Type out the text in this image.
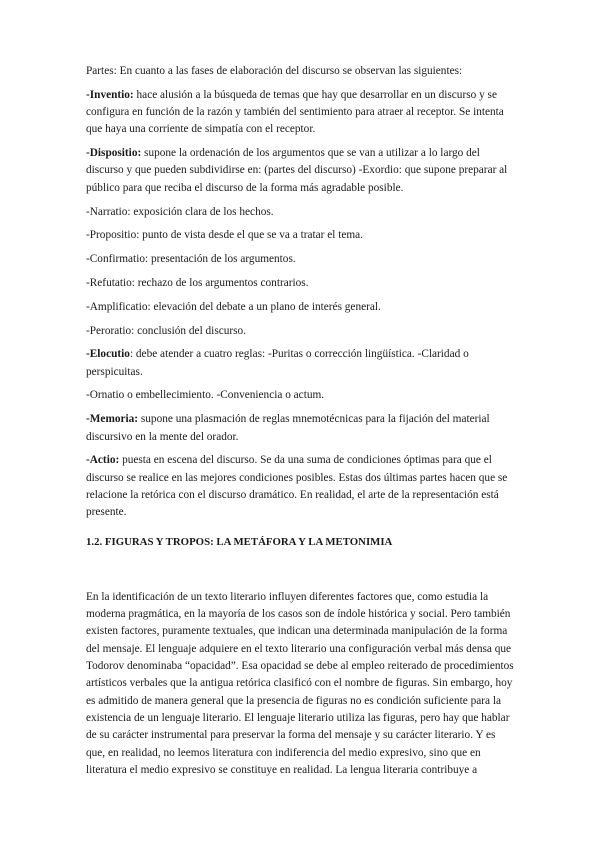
Partes: En cuanto a las fases de elaboración del discurso se observan las siguientes:

-Inventio: hace alusión a la búsqueda de temas que hay que desarrollar en un discurso y se configura en función de la razón y también del sentimiento para atraer al receptor. Se intenta que haya una corriente de simpatía con el receptor.

-Dispositio: supone la ordenación de los argumentos que se van a utilizar a lo largo del discurso y que pueden subdividirse en: (partes del discurso) -Exordio: que supone preparar al público para que reciba el discurso de la forma más agradable posible.

-Narratio: exposición clara de los hechos.

-Propositio: punto de vista desde el que se va a tratar el tema.

-Confirmatio: presentación de los argumentos.

-Refutatio: rechazo de los argumentos contrarios.

-Amplificatio: elevación del debate a un plano de interés general.

-Peroratio: conclusión del discurso.

-Elocutio: debe atender a cuatro reglas: -Puritas o corrección lingüística. -Claridad o perspicuitas.

-Ornatio o embellecimiento. -Conveniencia o actum.

-Memoria: supone una plasmación de reglas mnemotécnicas para la fijación del material discursivo en la mente del orador.

-Actio: puesta en escena del discurso. Se da una suma de condiciones óptimas para que el discurso se realice en las mejores condiciones posibles. Estas dos últimas partes hacen que se relacione la retórica con el discurso dramático. En realidad, el arte de la representación está presente.

1.2. FIGURAS Y TROPOS: LA METÁFORA Y LA METONIMIA

En la identificación de un texto literario influyen diferentes factores que, como estudia la moderna pragmática, en la mayoría de los casos son de índole histórica y social. Pero también existen factores, puramente textuales, que indican una determinada manipulación de la forma del mensaje. El lenguaje adquiere en el texto literario una configuración verbal más densa que Todorov denominaba “opacidad”. Esa opacidad se debe al empleo reiterado de procedimientos artísticos verbales que la antigua retórica clasificó con el nombre de figuras. Sin embargo, hoy es admitido de manera general que la presencia de figuras no es condición suficiente para la existencia de un lenguaje literario. El lenguaje literario utiliza las figuras, pero hay que hablar de su carácter instrumental para preservar la forma del mensaje y su carácter literario. Y es que, en realidad, no leemos literatura con indiferencia del medio expresivo, sino que en literatura el medio expresivo se constituye en realidad. La lengua literaria contribuye a
